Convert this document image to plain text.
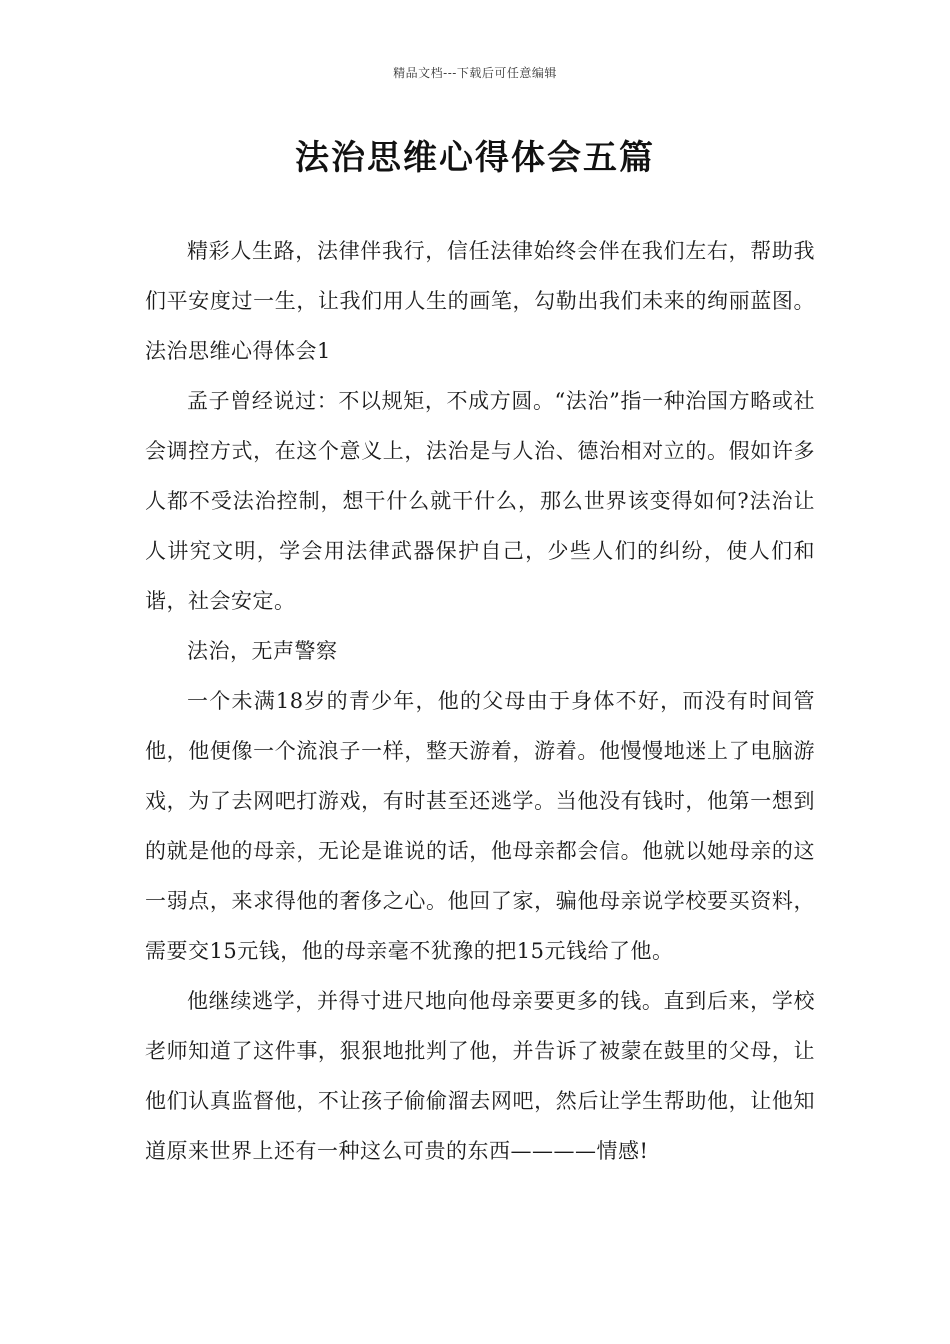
精品文档---下载后可任意编辑
法治思维心得体会五篇

精彩人生路，法律伴我行，信任法律始终会伴在我们左右，帮助我们平安度过一生，让我们用人生的画笔，勾勒出我们未来的绚丽蓝图。法治思维心得体会1

孟子曾经说过：不以规矩，不成方圆。“法治”指一种治国方略或社会调控方式，在这个意义上，法治是与人治、德治相对立的。假如许多人都不受法治控制，想干什么就干什么，那么世界该变得如何?法治让人讲究文明，学会用法律武器保护自己，少些人们的纠纷，使人们和谐，社会安定。

法治，无声警察

一个未满18岁的青少年，他的父母由于身体不好，而没有时间管他，他便像一个流浪子一样，整天游着，游着。他慢慢地迷上了电脑游戏，为了去网吧打游戏，有时甚至还逃学。当他没有钱时，他第一想到的就是他的母亲，无论是谁说的话，他母亲都会信。他就以她母亲的这一弱点，来求得他的奢侈之心。他回了家，骗他母亲说学校要买资料，需要交15元钱，他的母亲毫不犹豫的把15元钱给了他。

他继续逃学，并得寸进尺地向他母亲要更多的钱。直到后来，学校老师知道了这件事，狠狠地批判了他，并告诉了被蒙在鼓里的父母，让他们认真监督他，不让孩子偷偷溜去网吧，然后让学生帮助他，让他知道原来世界上还有一种这么可贵的东西————情感!
